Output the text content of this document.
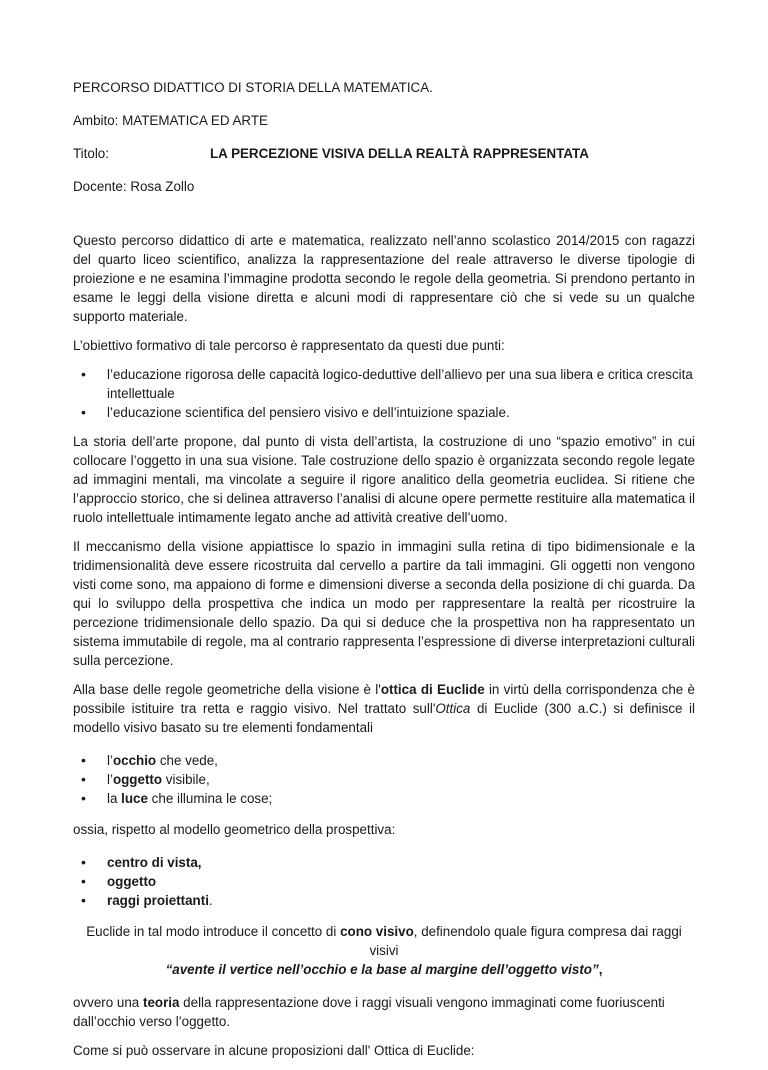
PERCORSO DIDATTICO DI STORIA DELLA MATEMATICA.

Ambito: MATEMATICA ED ARTE

Titolo:	LA PERCEZIONE VISIVA DELLA REALTÀ RAPPRESENTATA

Docente: Rosa Zollo

Questo percorso didattico di arte e matematica, realizzato nell’anno scolastico 2014/2015 con ragazzi del quarto liceo scientifico, analizza la rappresentazione del reale attraverso le diverse tipologie di proiezione e ne esamina l’immagine prodotta secondo le regole della geometria. Si prendono pertanto in esame le leggi della visione diretta e alcuni modi di rappresentare ciò che si vede su un qualche supporto materiale.

L’obiettivo formativo di tale percorso è rappresentato da questi due punti:

• l’educazione rigorosa delle capacità logico-deduttive dell’allievo per una sua libera e critica crescita intellettuale
• l’educazione scientifica del pensiero visivo e dell’intuizione spaziale.

La storia dell’arte propone, dal punto di vista dell’artista, la costruzione di uno “spazio emotivo” in cui collocare l’oggetto in una sua visione. Tale costruzione dello spazio è organizzata secondo regole legate ad immagini mentali, ma vincolate a seguire il rigore analitico della geometria euclidea. Si ritiene che l’approccio storico, che si delinea attraverso l’analisi di alcune opere permette restituire alla matematica il ruolo intellettuale intimamente legato anche ad attività creative dell’uomo.

Il meccanismo della visione appiattisce lo spazio in immagini sulla retina di tipo bidimensionale e la tridimensionalità deve essere ricostruita dal cervello a partire da tali immagini. Gli oggetti non vengono visti come sono, ma appaiono di forme e dimensioni diverse a seconda della posizione di chi guarda. Da qui lo sviluppo della prospettiva che indica un modo per rappresentare la realtà per ricostruire la percezione tridimensionale dello spazio. Da qui si deduce che la prospettiva non ha rappresentato un sistema immutabile di regole, ma al contrario rappresenta l’espressione di diverse interpretazioni culturali sulla percezione.

Alla base delle regole geometriche della visione è l'ottica di Euclide in virtù della corrispondenza che è possibile istituire tra retta e raggio visivo. Nel trattato sull'Ottica di Euclide (300 a.C.) si definisce il modello visivo basato su tre elementi fondamentali

• l’occhio che vede,
• l’oggetto visibile,
• la luce che illumina le cose;

ossia, rispetto al modello geometrico della prospettiva:

• centro di vista,
• oggetto
• raggi proiettanti.

Euclide in tal modo introduce il concetto di cono visivo, definendolo quale figura compresa dai raggi visivi

“avente il vertice nell’occhio e la base al margine dell’oggetto visto”,

ovvero una teoria della rappresentazione dove i raggi visuali vengono immaginati come fuoriuscenti dall’occhio verso l’oggetto.

Come si può osservare in alcune proposizioni dall' Ottica di Euclide:
